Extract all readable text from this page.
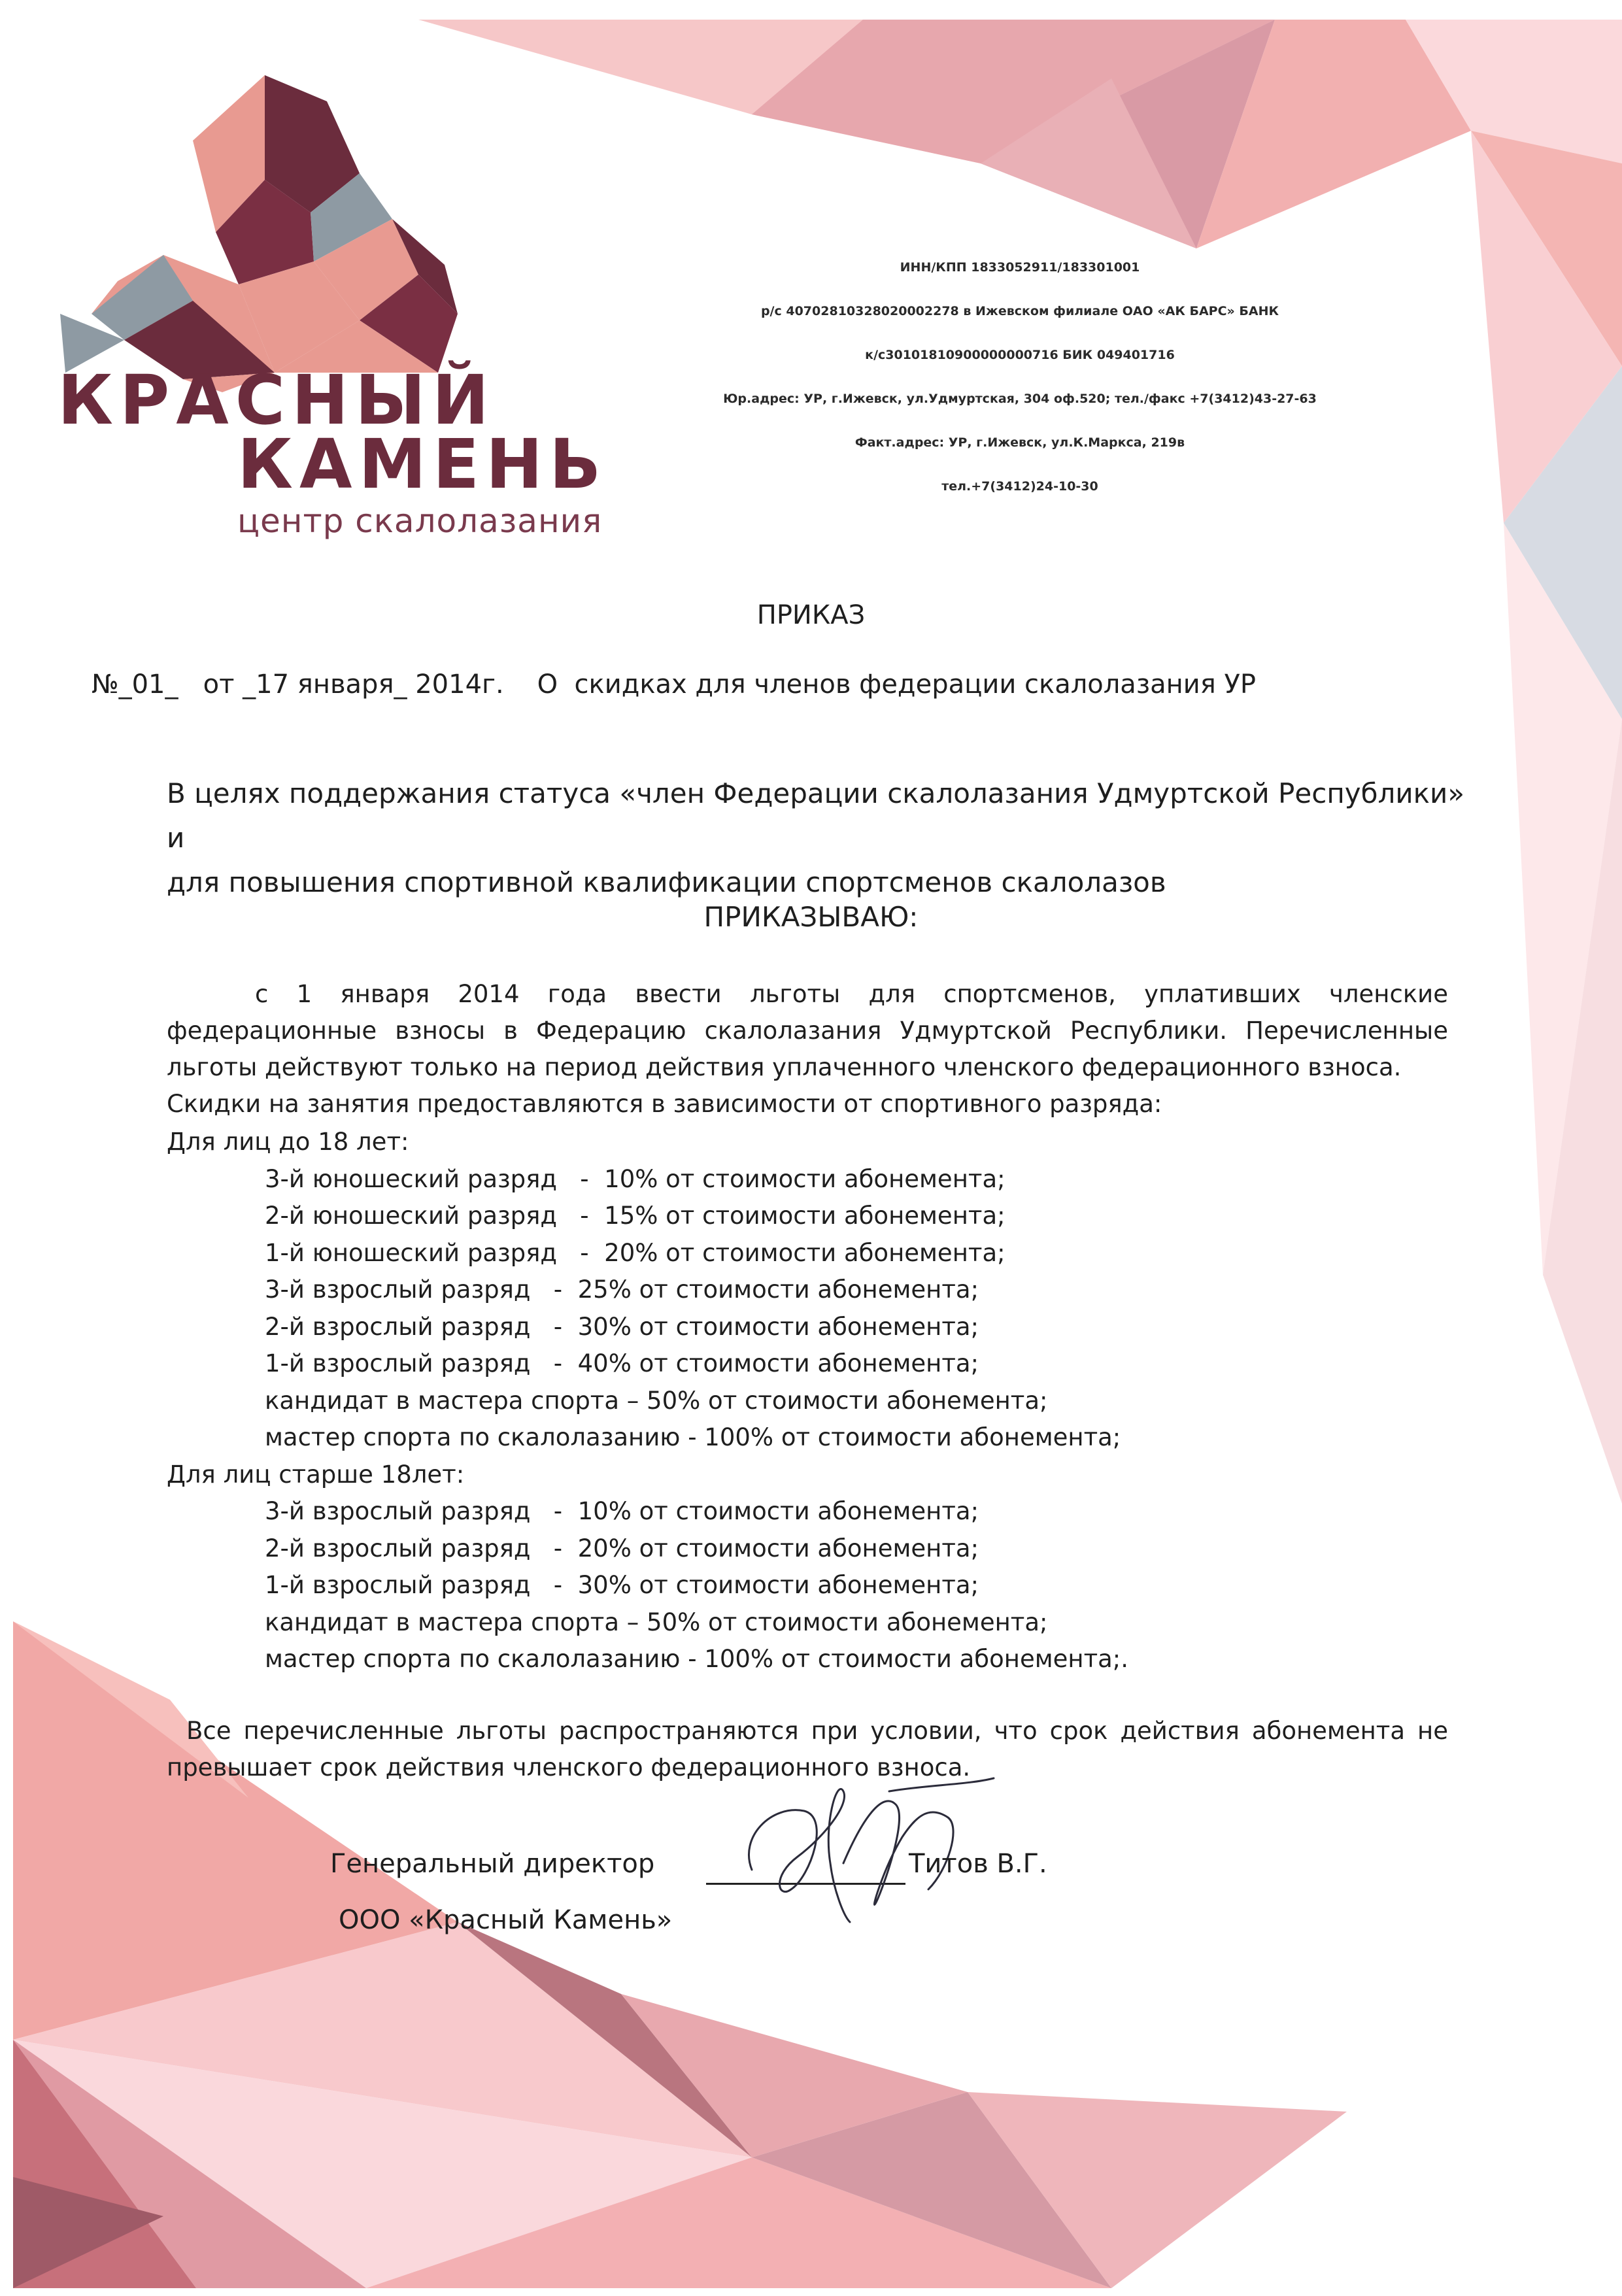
КРАСНЫЙ
КАМЕНЬ
центр скалолазания
ИНН/КПП 1833052911/183301001
р/с 40702810328020002278 в Ижевском филиале ОАО «АК БАРС» БАНК
к/с30101810900000000716 БИК 049401716
Юр.адрес: УР, г.Ижевск, ул.Удмуртская, 304 оф.520; тел./факс +7(3412)43-27-63
Факт.адрес: УР, г.Ижевск, ул.К.Маркса, 219в
тел.+7(3412)24-10-30
ПРИКАЗ
№_01_ от _17 января_ 2014г. О  скидках для членов федерации скалолазания УР
В целях поддержания статуса «член Федерации скалолазания Удмуртской Республики» и
для повышения спортивной квалификации спортсменов скалолазов
ПРИКАЗЫВАЮ:

с 1 января 2014 года ввести льготы для спортсменов, уплативших членские федерационные взносы в Федерацию скалолазания Удмуртской Республики. Перечисленные льготы действуют только на период действия уплаченного членского федерационного взноса.

Скидки на занятия предоставляются в зависимости от спортивного разряда:

Для лиц до 18 лет:
3-й юношеский разряд   -  10% от стоимости абонемента;
2-й юношеский разряд   -  15% от стоимости абонемента;
1-й юношеский разряд   -  20% от стоимости абонемента;
3-й взрослый разряд   -  25% от стоимости абонемента;
2-й взрослый разряд   -  30% от стоимости абонемента;
1-й взрослый разряд   -  40% от стоимости абонемента;
кандидат в мастера спорта – 50% от стоимости абонемента;
мастер спорта по скалолазанию - 100% от стоимости абонемента;
Для лиц старше 18лет:
3-й взрослый разряд   -  10% от стоимости абонемента;
2-й взрослый разряд   -  20% от стоимости абонемента;
1-й взрослый разряд   -  30% от стоимости абонемента;
кандидат в мастера спорта – 50% от стоимости абонемента;
мастер спорта по скалолазанию - 100% от стоимости абонемента;.

Все перечисленные льготы распространяются при условии, что срок действия абонемента не превышает срок действия членского федерационного взноса.

Генеральный директор
ООО «Красный Камень»
Титов В.Г.
